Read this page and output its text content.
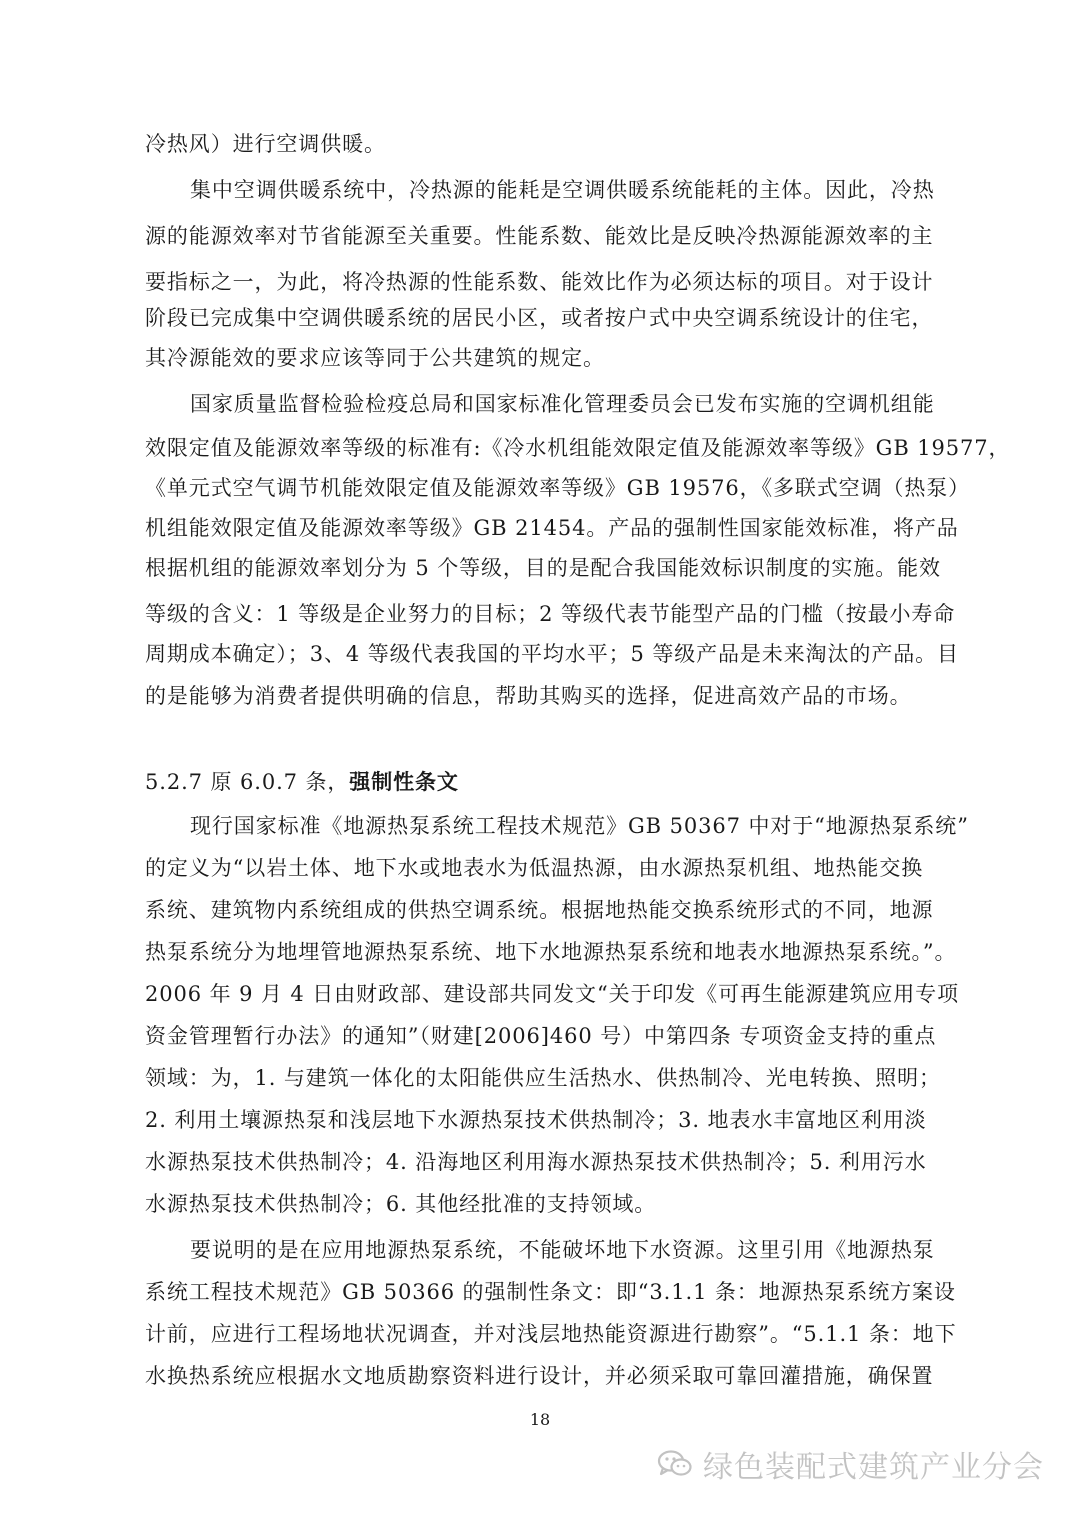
冷热风）进行空调供暖。
集中空调供暖系统中，冷热源的能耗是空调供暖系统能耗的主体。因此，冷热
源的能源效率对节省能源至关重要。性能系数、能效比是反映冷热源能源效率的主
要指标之一，为此，将冷热源的性能系数、能效比作为必须达标的项目。对于设计
阶段已完成集中空调供暖系统的居民小区，或者按户式中央空调系统设计的住宅，
其冷源能效的要求应该等同于公共建筑的规定。
国家质量监督检验检疫总局和国家标准化管理委员会已发布实施的空调机组能
效限定值及能源效率等级的标准有:《冷水机组能效限定值及能源效率等级》GB 19577，
《单元式空气调节机能效限定值及能源效率等级》GB 19576，《多联式空调（热泵）
机组能效限定值及能源效率等级》GB 21454。产品的强制性国家能效标准，将产品
根据机组的能源效率划分为 5 个等级，目的是配合我国能效标识制度的实施。能效
等级的含义：1 等级是企业努力的目标；2 等级代表节能型产品的门槛（按最小寿命
周期成本确定）；3、4 等级代表我国的平均水平；5 等级产品是未来淘汰的产品。目
的是能够为消费者提供明确的信息，帮助其购买的选择，促进高效产品的市场。
5.2.7 原 6.0.7 条，强制性条文
现行国家标准《地源热泵系统工程技术规范》GB 50367 中对于“地源热泵系统”
的定义为“以岩土体、地下水或地表水为低温热源，由水源热泵机组、地热能交换
系统、建筑物内系统组成的供热空调系统。根据地热能交换系统形式的不同，地源
热泵系统分为地埋管地源热泵系统、地下水地源热泵系统和地表水地源热泵系统。”。
2006 年 9 月 4 日由财政部、建设部共同发文“关于印发《可再生能源建筑应用专项
资金管理暂行办法》的通知”（财建[2006]460 号）中第四条 专项资金支持的重点
领域：为，1. 与建筑一体化的太阳能供应生活热水、供热制冷、光电转换、照明；
2. 利用土壤源热泵和浅层地下水源热泵技术供热制冷；3. 地表水丰富地区利用淡
水源热泵技术供热制冷；4. 沿海地区利用海水源热泵技术供热制冷；5. 利用污水
水源热泵技术供热制冷；6. 其他经批准的支持领域。
要说明的是在应用地源热泵系统，不能破坏地下水资源。这里引用《地源热泵
系统工程技术规范》GB 50366 的强制性条文：即“3.1.1 条：地源热泵系统方案设
计前，应进行工程场地状况调查，并对浅层地热能资源进行勘察”。“5.1.1 条：地下
水换热系统应根据水文地质勘察资料进行设计，并必须采取可靠回灌措施，确保置
18
绿色装配式建筑产业分会
